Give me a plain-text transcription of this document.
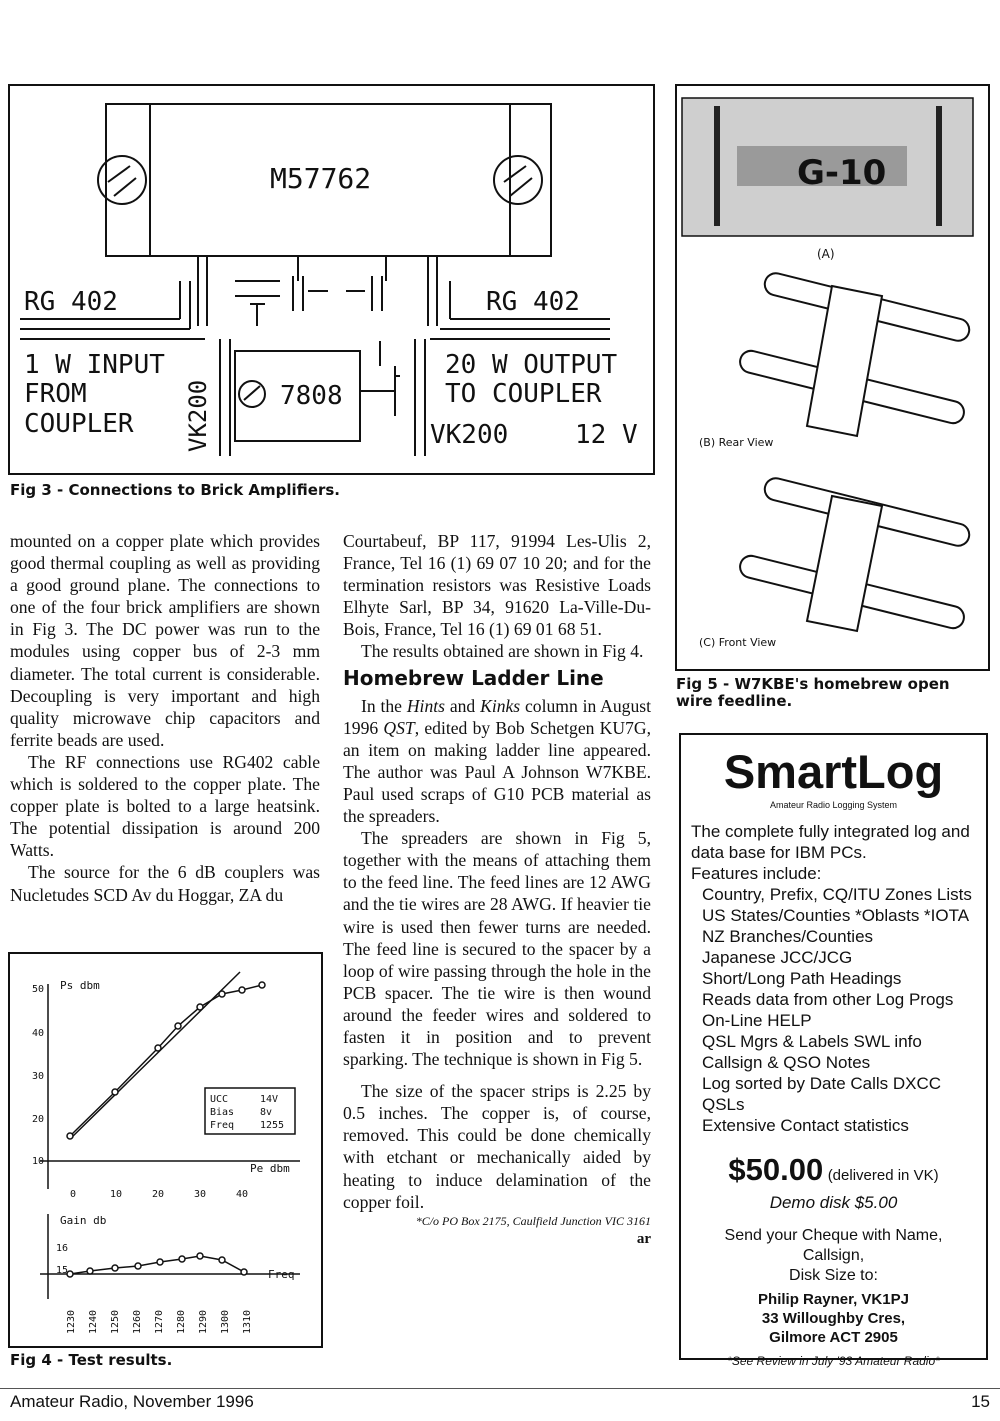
M57762
RG 402	RG 402
1 W INPUT
FROM
COUPLER VK200	7808
20 W OUTPUT
TO COUPLER
VK200	12 V
Fig 3 - Connections to Brick Amplifiers.
G-10
(A)
(B) Rear View
(C) Front View
Fig 5 - W7KBE's homebrew open wire feedline.

mounted on a copper plate which provides good thermal coupling as well as providing a good ground plane. The connections to one of the four brick amplifiers are shown in Fig 3. The DC power was run to the modules using copper bus of 2-3 mm diameter. The total current is considerable. Decoupling is very important and high quality microwave chip capacitors and ferrite beads are used.

The RF connections use RG402 cable which is soldered to the copper plate. The copper plate is bolted to a large heatsink. The potential dissipation is around 200 Watts.

The source for the 6 dB couplers was Nucletudes SCD Av du Hoggar, ZA du

Ps dbm
Pe dbm
Gain db
Freq
50
40
30
20
10
0	10	20	30	40
16
15
1230 1240 1250 1260 1270 1280 1290 1300 1310
UCC	14V
Bias	8v
Freq	1255
Fig 4 - Test results.

Courtabeuf, BP 117, 91994 Les-Ulis 2, France, Tel 16 (1) 69 07 10 20; and for the termination resistors was Resistive Loads Elhyte Sarl, BP 34, 91620 La-Ville-Du-Bois, France, Tel 16 (1) 69 01 68 51.

The results obtained are shown in Fig 4.

Homebrew Ladder Line

In the Hints and Kinks column in August 1996 QST, edited by Bob Schetgen KU7G, an item on making ladder line appeared. The author was Paul A Johnson W7KBE. Paul used scraps of G10 PCB material as the spreaders.

The spreaders are shown in Fig 5, together with the means of attaching them to the feed line. The feed lines are 12 AWG and the tie wires are 28 AWG. If heavier tie wire is used then fewer turns are needed. The feed line is secured to the spacer by a loop of wire passing through the hole in the PCB spacer. The tie wire is then wound around the feeder wires and soldered to fasten it in position and to prevent sparking. The technique is shown in Fig 5.

The size of the spacer strips is 2.25 by 0.5 inches. The copper is, of course, removed. This could be done chemically with etchant or mechanically aided by heating to induce delamination of the copper foil.

*C/o PO Box 2175, Caulfield Junction VIC 3161
ar
SmartLog
Amateur Radio Logging System
The complete fully integrated log and data base for IBM PCs.
Features include:
Country, Prefix, CQ/ITU Zones Lists
US States/Counties *Oblasts *IOTA
NZ Branches/Counties
Japanese JCC/JCG
Short/Long Path Headings
Reads data from other Log Progs
On-Line HELP
QSL Mgrs & Labels SWL info
Callsign & QSO Notes
Log sorted by Date Calls DXCC
QSLs
Extensive Contact statistics
$50.00 (delivered in VK)
Demo disk $5.00
Send your Cheque with Name,
Callsign,
Disk Size to:
Philip Rayner, VK1PJ
33 Willoughby Cres,
Gilmore ACT 2905
*See Review in July '93 Amateur Radio*
Amateur Radio, November 1996	15
